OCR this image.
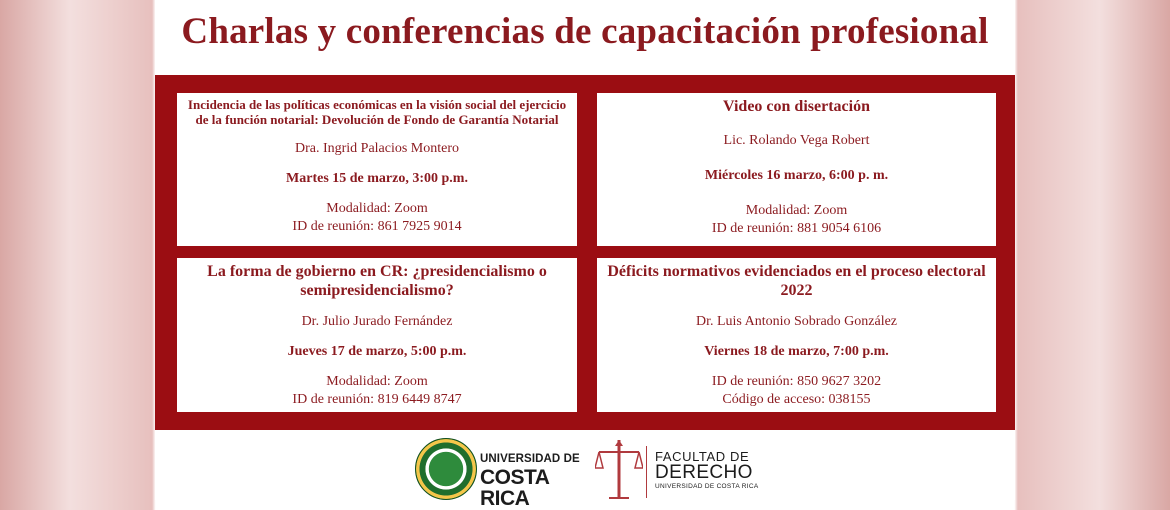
Charlas y conferencias de capacitación profesional
Incidencia de las políticas económicas en la visión social del ejercicio de la función notarial: Devolución de Fondo de Garantía Notarial
Dra. Ingrid Palacios Montero
Martes 15 de marzo, 3:00 p.m.
Modalidad: Zoom
ID de reunión: 861 7925 9014
Video con disertación
Lic. Rolando Vega Robert
Miércoles 16 marzo, 6:00 p. m.
Modalidad: Zoom
ID de reunión: 881 9054 6106
La forma de gobierno en CR: ¿presidencialismo o semipresidencialismo?
Dr. Julio Jurado Fernández
Jueves 17 de marzo, 5:00 p.m.
Modalidad: Zoom
ID de reunión: 819 6449 8747
Déficits normativos evidenciados en el proceso electoral 2022
Dr. Luis Antonio Sobrado González
Viernes 18 de marzo, 7:00 p.m.
ID de reunión: 850 9627 3202
Código de acceso: 038155
UNIVERSIDAD DE
COSTA RICA
FACULTAD DE
DERECHO
UNIVERSIDAD DE COSTA RICA
